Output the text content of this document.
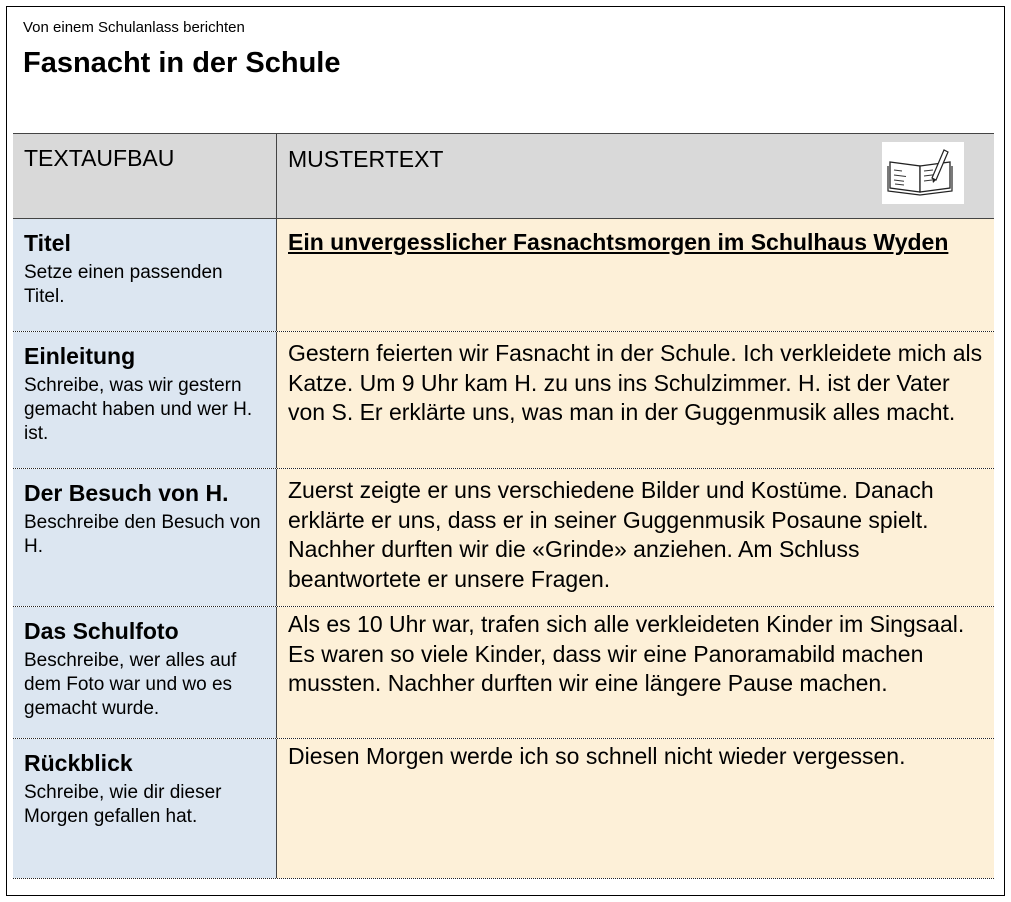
Von einem Schulanlass berichten
Fasnacht in der Schule
TEXTAUFBAU	MUSTERTEXT
Titel
Setze einen passenden Titel.
Ein unvergesslicher Fasnachtsmorgen im Schulhaus Wyden
Einleitung
Schreibe, was wir gestern gemacht haben und wer H. ist.
Gestern feierten wir Fasnacht in der Schule. Ich verkleidete mich als Katze. Um 9 Uhr kam H. zu uns ins Schulzimmer. H. ist der Vater von S. Er erklärte uns, was man in der Guggenmusik alles macht.
Der Besuch von H.
Beschreibe den Besuch von H.
Zuerst zeigte er uns verschiedene Bilder und Kostüme. Danach erklärte er uns, dass er in seiner Guggenmusik Posaune spielt. Nachher durften wir die «Grinde» anziehen. Am Schluss beantwortete er unsere Fragen.
Das Schulfoto
Beschreibe, wer alles auf dem Foto war und wo es gemacht wurde.
Als es 10 Uhr war, trafen sich alle verkleideten Kinder im Singsaal. Es waren so viele Kinder, dass wir eine Panoramabild machen mussten. Nachher durften wir eine längere Pause machen.
Rückblick
Schreibe, wie dir dieser Morgen gefallen hat.
Diesen Morgen werde ich so schnell nicht wieder vergessen.
